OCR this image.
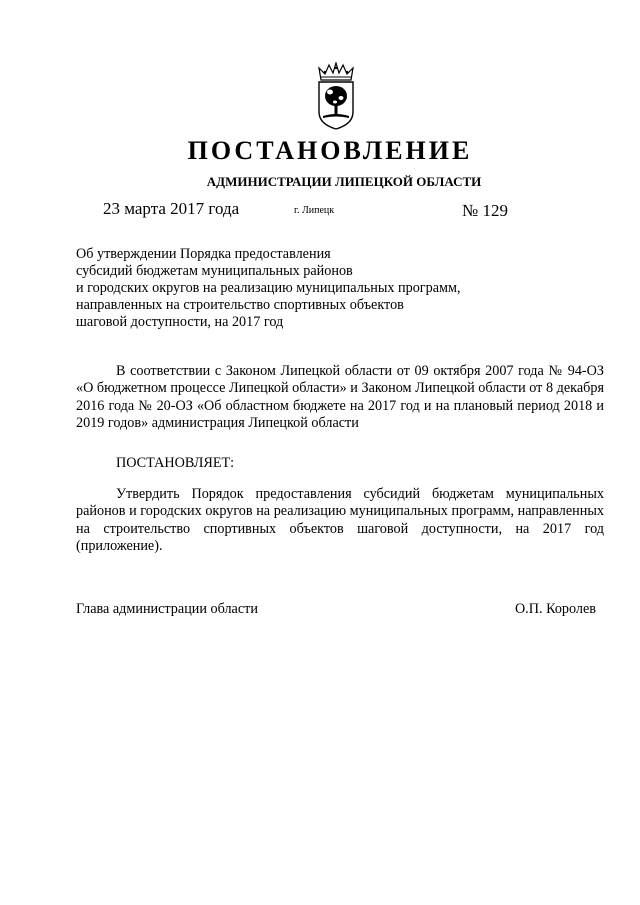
ПОСТАНОВЛЕНИЕ
АДМИНИСТРАЦИИ ЛИПЕЦКОЙ ОБЛАСТИ
23 марта 2017 года	г. Липецк	№ 129
Об утверждении Порядка предоставления
субсидий бюджетам муниципальных районов
и городских округов на реализацию муниципальных программ,
направленных на строительство спортивных объектов
шаговой доступности, на 2017 год
В соответствии с Законом Липецкой области от 09 октября 2007 года № 94-ОЗ «О бюджетном процессе Липецкой области» и Законом Липецкой области от 8 декабря 2016 года № 20-ОЗ «Об областном бюджете на 2017 год и на плановый период 2018 и 2019 годов» администрация Липецкой области
ПОСТАНОВЛЯЕТ:
Утвердить Порядок предоставления субсидий бюджетам муниципальных районов и городских округов на реализацию муниципальных программ, направленных на строительство спортивных объектов шаговой доступности, на 2017 год (приложение).
Глава администрации области	О.П. Королев
